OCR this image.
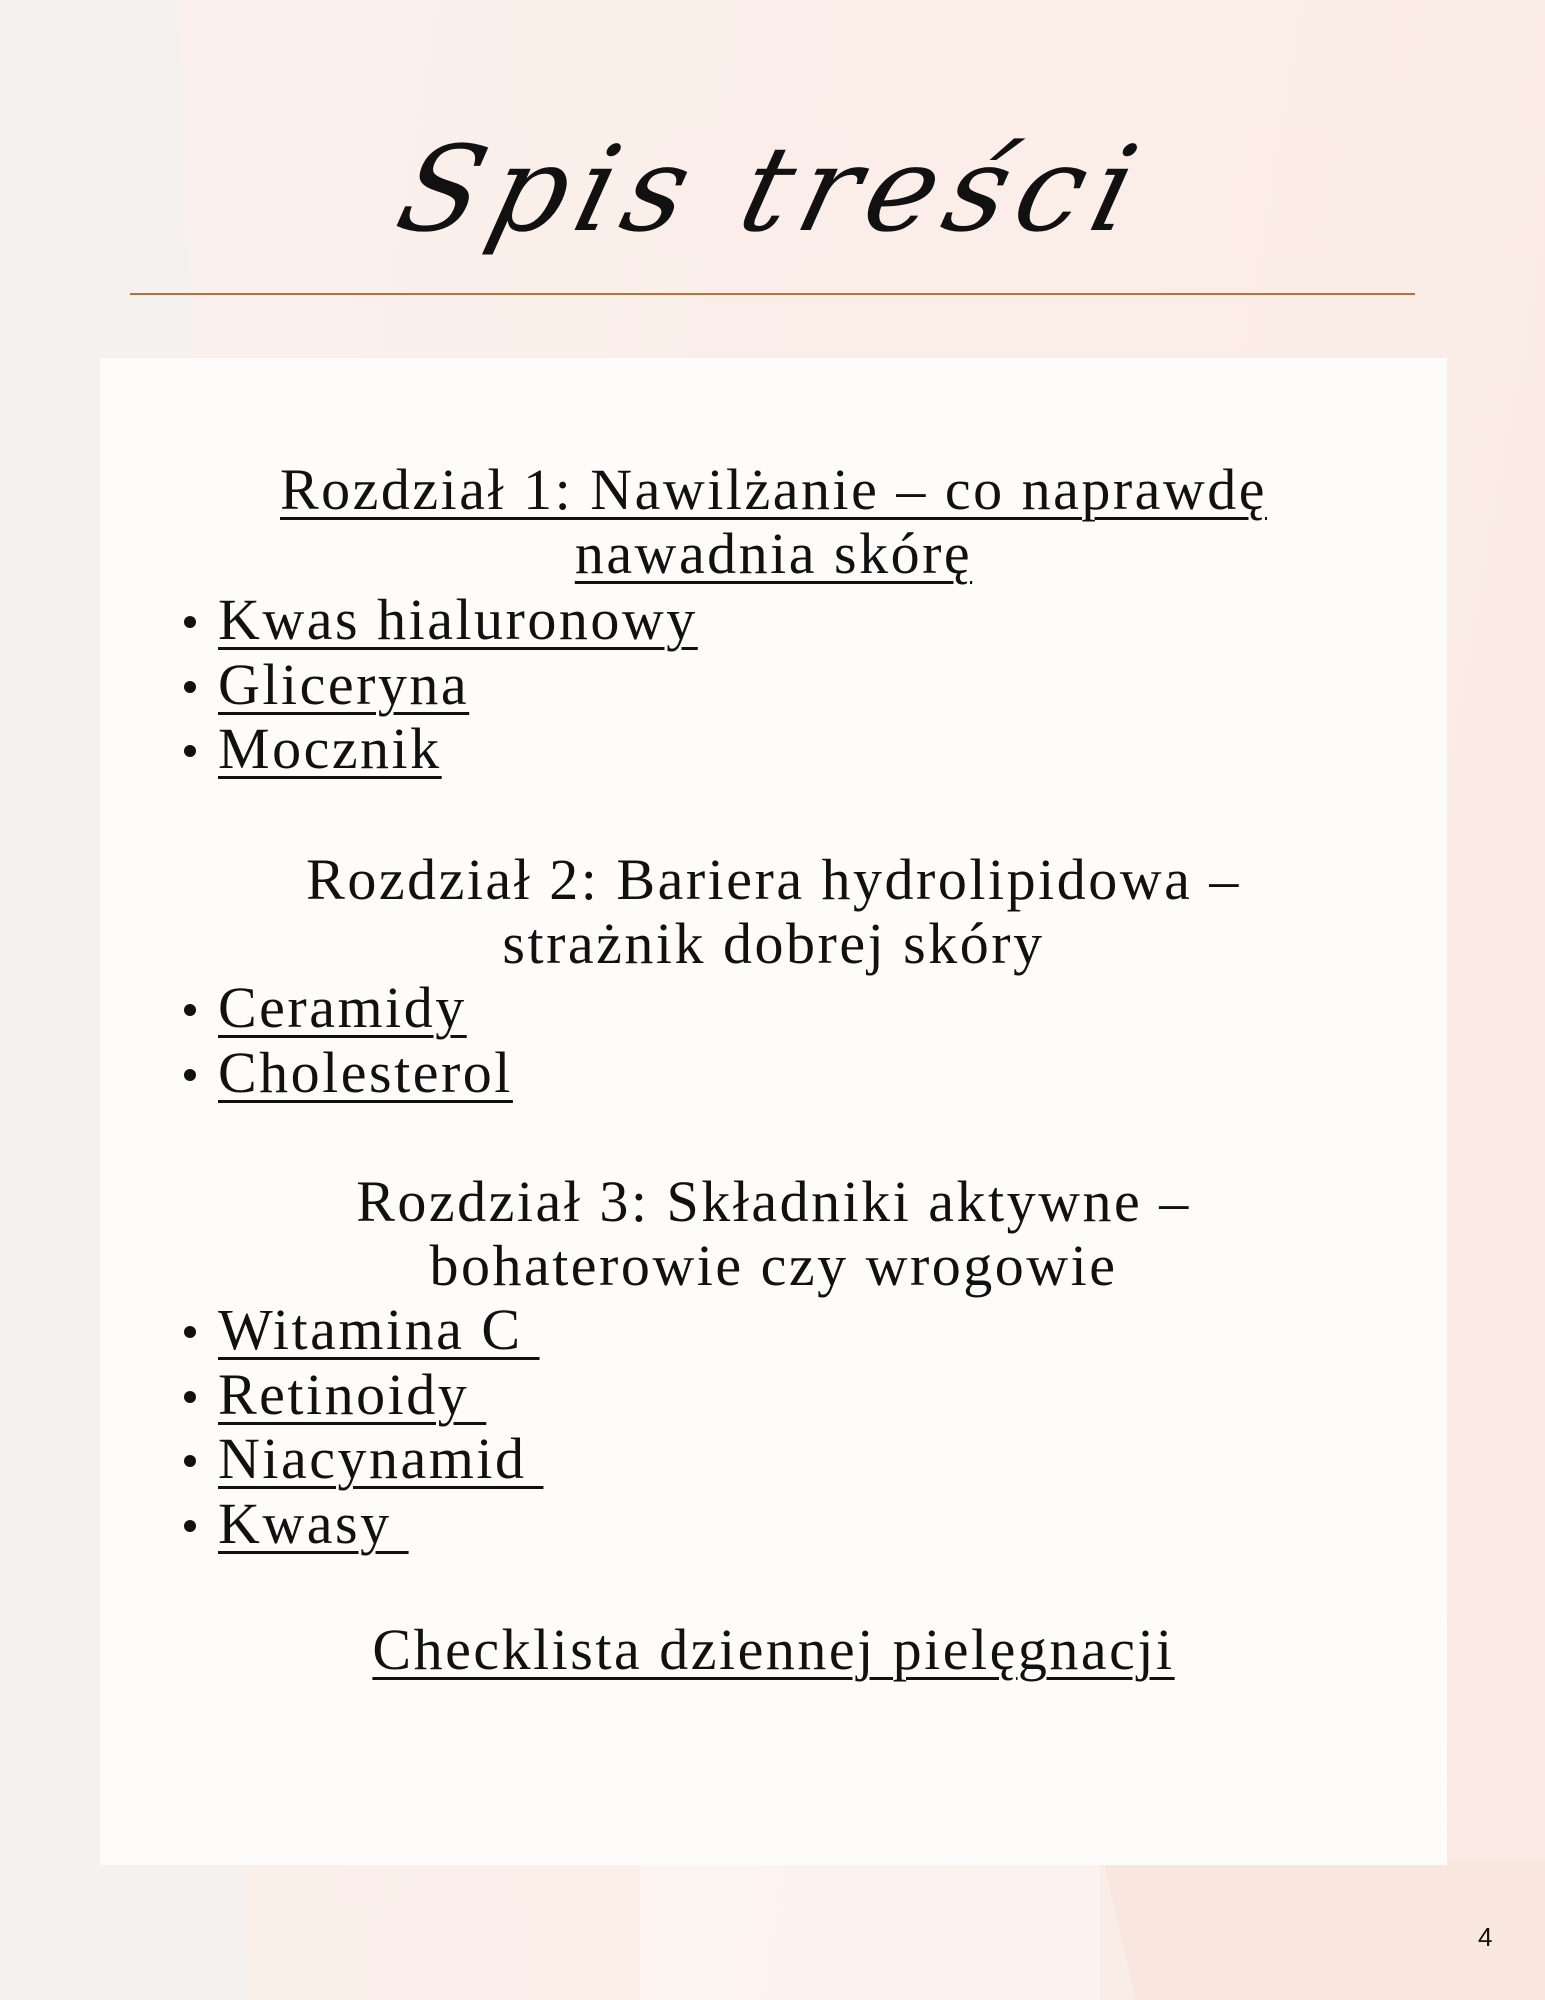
Spis treści
Rozdział 1: Nawilżanie – co naprawdę
nawadnia skórę
Kwas hialuronowy
Gliceryna
Mocznik
Rozdział 2: Bariera hydrolipidowa –
strażnik dobrej skóry
Ceramidy
Cholesterol
Rozdział 3: Składniki aktywne –
bohaterowie czy wrogowie
Witamina C
Retinoidy
Niacynamid
Kwasy
Checklista dziennej pielęgnacji
4
